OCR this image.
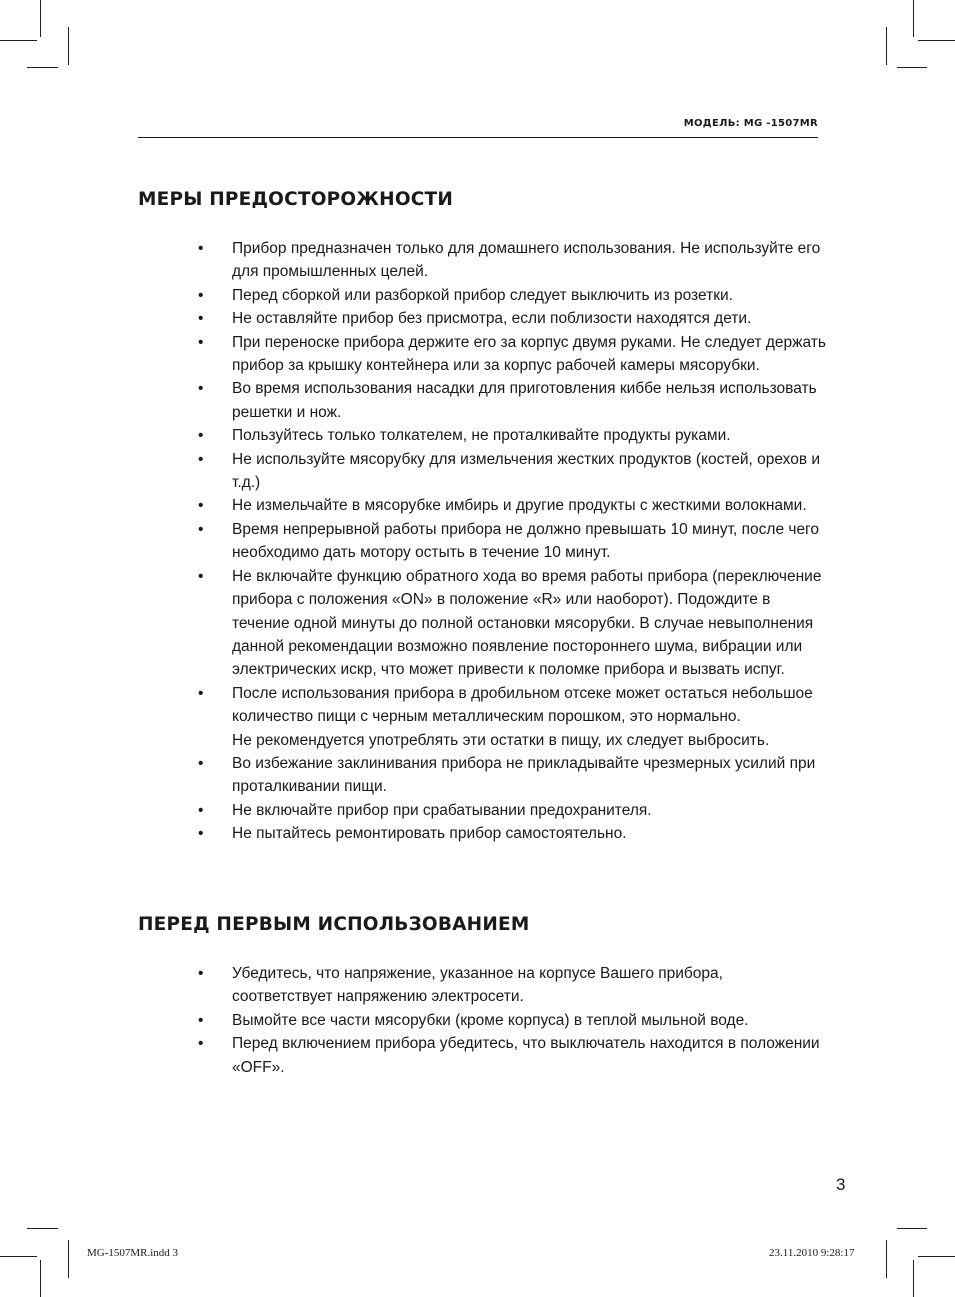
МОДЕЛЬ: MG -1507MR
МЕРЫ ПРЕДОСТОРОЖНОСТИ
• Прибор предназначен только для домашнего использования. Не используйте его
для промышленных целей.
• Перед сборкой или разборкой прибор следует выключить из розетки.
• Не оставляйте прибор без присмотра, если поблизости находятся дети.
• При переноске прибора держите его за корпус двумя руками. Не следует держать
прибор за крышку контейнера или за корпус рабочей камеры мясорубки.
• Во время использования насадки для приготовления киббе нельзя использовать
решетки и нож.
• Пользуйтесь только толкателем, не проталкивайте продукты руками.
• Не используйте мясорубку для измельчения жестких продуктов (костей, орехов и
т.д.)
• Не измельчайте в мясорубке имбирь и другие продукты с жесткими волокнами.
• Время непрерывной работы прибора не должно превышать 10 минут, после чего
необходимо дать мотору остыть в течение 10 минут.
• Не включайте функцию обратного хода во время работы прибора (переключение
прибора с положения «ON» в положение «R» или наоборот). Подождите в
течение одной минуты до полной остановки мясорубки. В случае невыполнения
данной рекомендации возможно появление постороннего шума, вибрации или
электрических искр, что может привести к поломке прибора и вызвать испуг.
• После использования прибора в дробильном отсеке может остаться небольшое
количество пищи с черным металлическим порошком, это нормально.
Не рекомендуется употреблять эти остатки в пищу, их следует выбросить.
• Во избежание заклинивания прибора не прикладывайте чрезмерных усилий при
проталкивании пищи.
• Не включайте прибор при срабатывании предохранителя.
• Не пытайтесь ремонтировать прибор самостоятельно.
ПЕРЕД ПЕРВЫМ ИСПОЛЬЗОВАНИЕМ
• Убедитесь, что напряжение, указанное на корпусе Вашего прибора,
соответствует напряжению электросети.
• Вымойте все части мясорубки (кроме корпуса) в теплой мыльной воде.
• Перед включением прибора убедитесь, что выключатель находится в положении
«OFF».
3
MG-1507MR.indd 3	23.11.2010 9:28:17
